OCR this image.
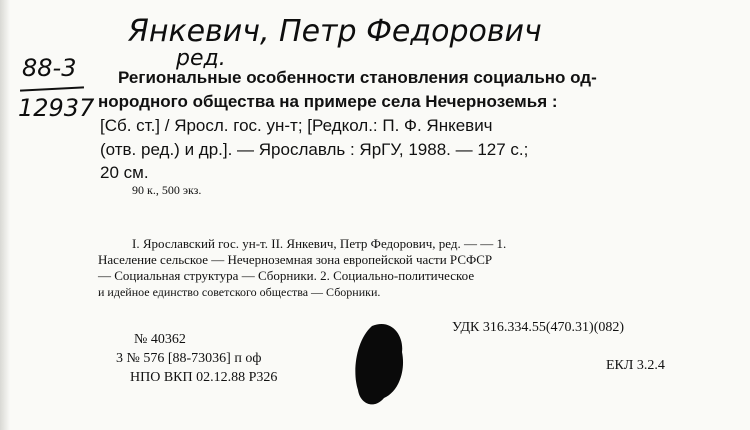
Янкевич, Петр Федорович
ред.
88-3
12937
Региональные особенности становления социально од-
нородного общества на примере села Нечерноземья :
[Сб. ст.] / Яросл. гос. ун-т; [Редкол.: П. Ф. Янкевич
(отв. ред.) и др.]. — Ярославль : ЯрГУ, 1988. — 127 с.;
20 см.
90 к., 500 экз.
I. Ярославский гос. ун-т. II. Янкевич, Петр Федорович, ред. — — 1.
Население сельское — Нечерноземная зона европейской части РСФСР
— Социальная структура — Сборники. 2. Социально-политическое
и идейное единство советского общества — Сборники.
№ 40362
3 № 576 [88-73036] п оф
НПО ВКП 02.12.88 Р326
УДК 316.334.55(470.31)(082)
ЕКЛ 3.2.4
